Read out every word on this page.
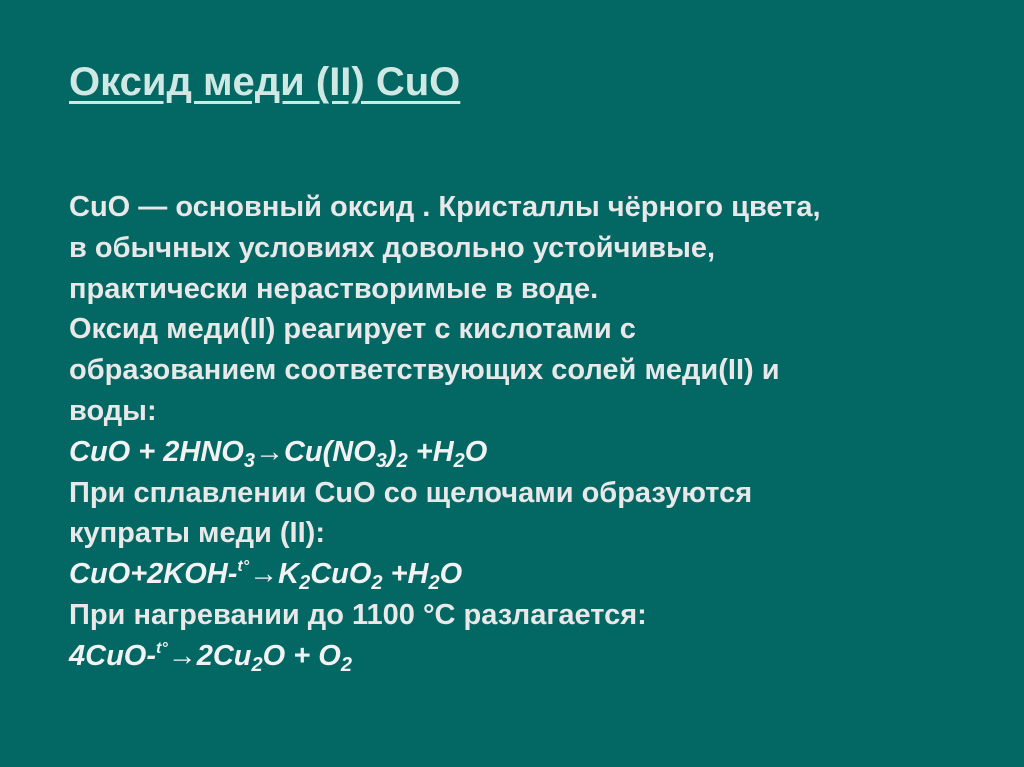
Оксид меди (II) CuO
CuO — основный оксид . Кристаллы чёрного цвета,
в обычных условиях довольно устойчивые,
практически нерастворимые в воде.
Оксид меди(II) реагирует с кислотами с
образованием соответствующих солей меди(II) и
воды:
CuO + $2HNO_3\to Cu(NO_3)_2 +H_2O$
При сплавлении CuO со щелочами образуются
купраты меди (II):
$CuO+2KOH-^{t^\circ}\to K_2CuO_2 +H_2O$
При нагревании до 1100 °С разлагается:
$4CuO-^{t^\circ}\to 2Cu_2O + O_2$
